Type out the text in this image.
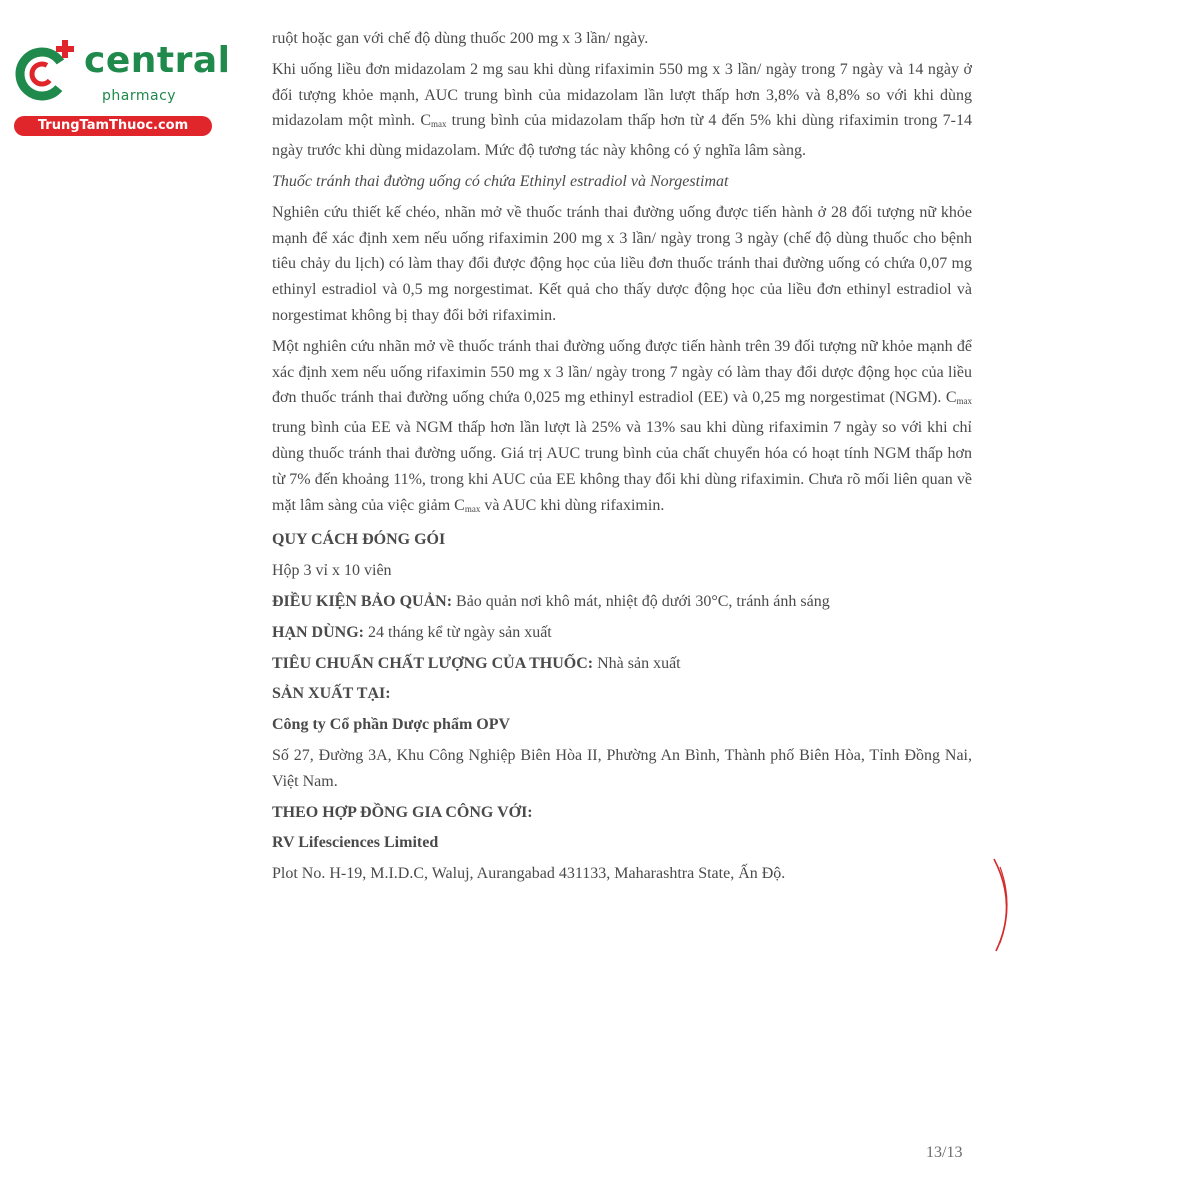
central
pharmacy
TrungTamThuoc.com

ruột hoặc gan với chế độ dùng thuốc 200 mg x 3 lần/ ngày.

Khi uống liều đơn midazolam 2 mg sau khi dùng rifaximin 550 mg x 3 lần/ ngày trong 7 ngày và 14 ngày ở đối tượng khỏe mạnh, AUC trung bình của midazolam lần lượt thấp hơn 3,8% và 8,8% so với khi dùng midazolam một mình. $C_{max}$ trung bình của midazolam thấp hơn từ 4 đến 5% khi dùng rifaximin trong 7-14 ngày trước khi dùng midazolam. Mức độ tương tác này không có ý nghĩa lâm sàng.

Thuốc tránh thai đường uống có chứa Ethinyl estradiol và Norgestimat

Nghiên cứu thiết kế chéo, nhãn mở về thuốc tránh thai đường uống được tiến hành ở 28 đối tượng nữ khỏe mạnh để xác định xem nếu uống rifaximin 200 mg x 3 lần/ ngày trong 3 ngày (chế độ dùng thuốc cho bệnh tiêu chảy du lịch) có làm thay đổi được động học của liều đơn thuốc tránh thai đường uống có chứa 0,07 mg ethinyl estradiol và 0,5 mg norgestimat. Kết quả cho thấy dược động học của liều đơn ethinyl estradiol và norgestimat không bị thay đổi bởi rifaximin.

Một nghiên cứu nhãn mở về thuốc tránh thai đường uống được tiến hành trên 39 đối tượng nữ khỏe mạnh để xác định xem nếu uống rifaximin 550 mg x 3 lần/ ngày trong 7 ngày có làm thay đổi dược động học của liều đơn thuốc tránh thai đường uống chứa 0,025 mg ethinyl estradiol (EE) và 0,25 mg norgestimat (NGM). $C_{max}$ trung bình của EE và NGM thấp hơn lần lượt là 25% và 13% sau khi dùng rifaximin 7 ngày so với khi chỉ dùng thuốc tránh thai đường uống. Giá trị AUC trung bình của chất chuyển hóa có hoạt tính NGM thấp hơn từ 7% đến khoảng 11%, trong khi AUC của EE không thay đổi khi dùng rifaximin. Chưa rõ mối liên quan về mặt lâm sàng của việc giảm $C_{max}$ và AUC khi dùng rifaximin.

QUY CÁCH ĐÓNG GÓI

Hộp 3 vỉ x 10 viên

ĐIỀU KIỆN BẢO QUẢN: Bảo quản nơi khô mát, nhiệt độ dưới 30°C, tránh ánh sáng

HẠN DÙNG: 24 tháng kể từ ngày sản xuất

TIÊU CHUẨN CHẤT LƯỢNG CỦA THUỐC: Nhà sản xuất

SẢN XUẤT TẠI:

Công ty Cổ phần Dược phẩm OPV

Số 27, Đường 3A, Khu Công Nghiệp Biên Hòa II, Phường An Bình, Thành phố Biên Hòa, Tỉnh Đồng Nai, Việt Nam.

THEO HỢP ĐỒNG GIA CÔNG VỚI:

RV Lifesciences Limited

Plot No. H-19, M.I.D.C, Waluj, Aurangabad 431133, Maharashtra State, Ấn Độ.

13/13
